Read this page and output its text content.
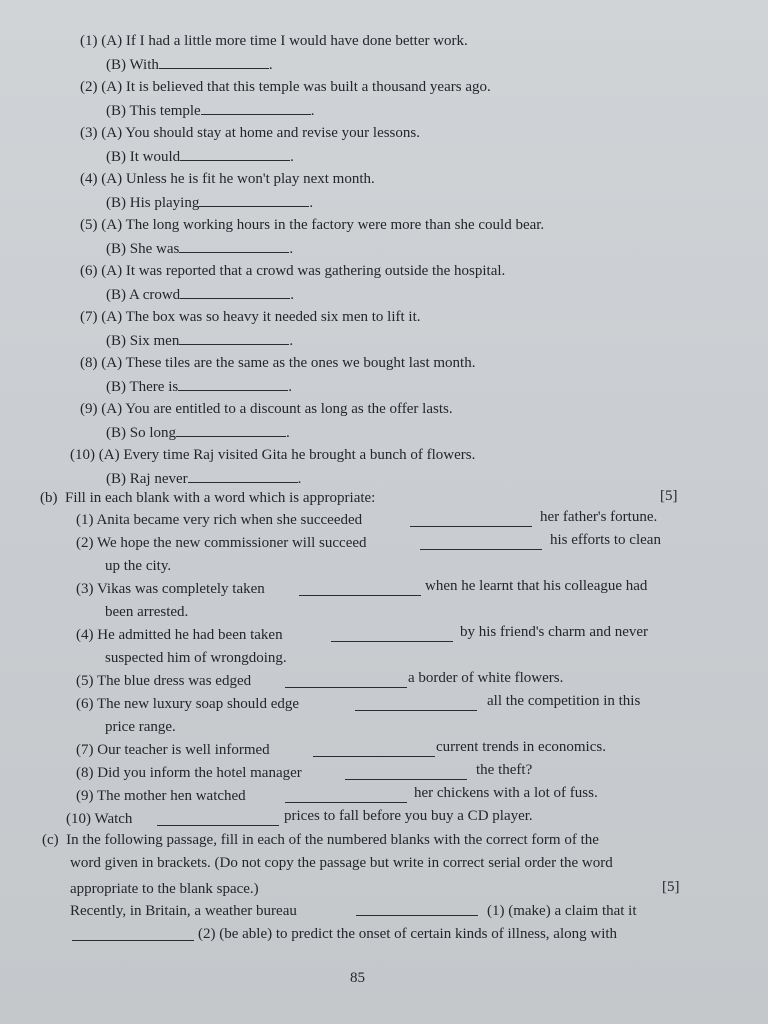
(1) (A) If I had a little more time I would have done better work.
(B) With	.
(2) (A) It is believed that this temple was built a thousand years ago.
(B) This temple	.
(3) (A) You should stay at home and revise your lessons.
(B) It would	.
(4) (A) Unless he is fit he won't play next month.
(B) His playing	.
(5) (A) The long working hours in the factory were more than she could bear.
(B) She was	.
(6) (A) It was reported that a crowd was gathering outside the hospital.
(B) A crowd	.
(7) (A) The box was so heavy it needed six men to lift it.
(B) Six men	.
(8) (A) These tiles are the same as the ones we bought last month.
(B) There is	.
(9) (A) You are entitled to a discount as long as the offer lasts.
(B) So long	.
(10) (A) Every time Raj visited Gita he brought a bunch of flowers.
(B) Raj never	.
(b) Fill in each blank with a word which is appropriate:	[5]
(1) Anita became very rich when she succeeded	her father's fortune.
(2) We hope the new commissioner will succeed	his efforts to clean
up the city.
(3) Vikas was completely taken	when he learnt that his colleague had
been arrested.
(4) He admitted he had been taken	by his friend's charm and never
suspected him of wrongdoing.
(5) The blue dress was edged	a border of white flowers.
(6) The new luxury soap should edge	all the competition in this
price range.
(7) Our teacher is well informed	current trends in economics.
(8) Did you inform the hotel manager	the theft?
(9) The mother hen watched	her chickens with a lot of fuss.
(10) Watch	prices to fall before you buy a CD player.
(c) In the following passage, fill in each of the numbered blanks with the correct form of the
word given in brackets. (Do not copy the passage but write in correct serial order the word
appropriate to the blank space.)	[5]
Recently, in Britain, a weather bureau	(1) (make) a claim that it
(2) (be able) to predict the onset of certain kinds of illness, along with
85
